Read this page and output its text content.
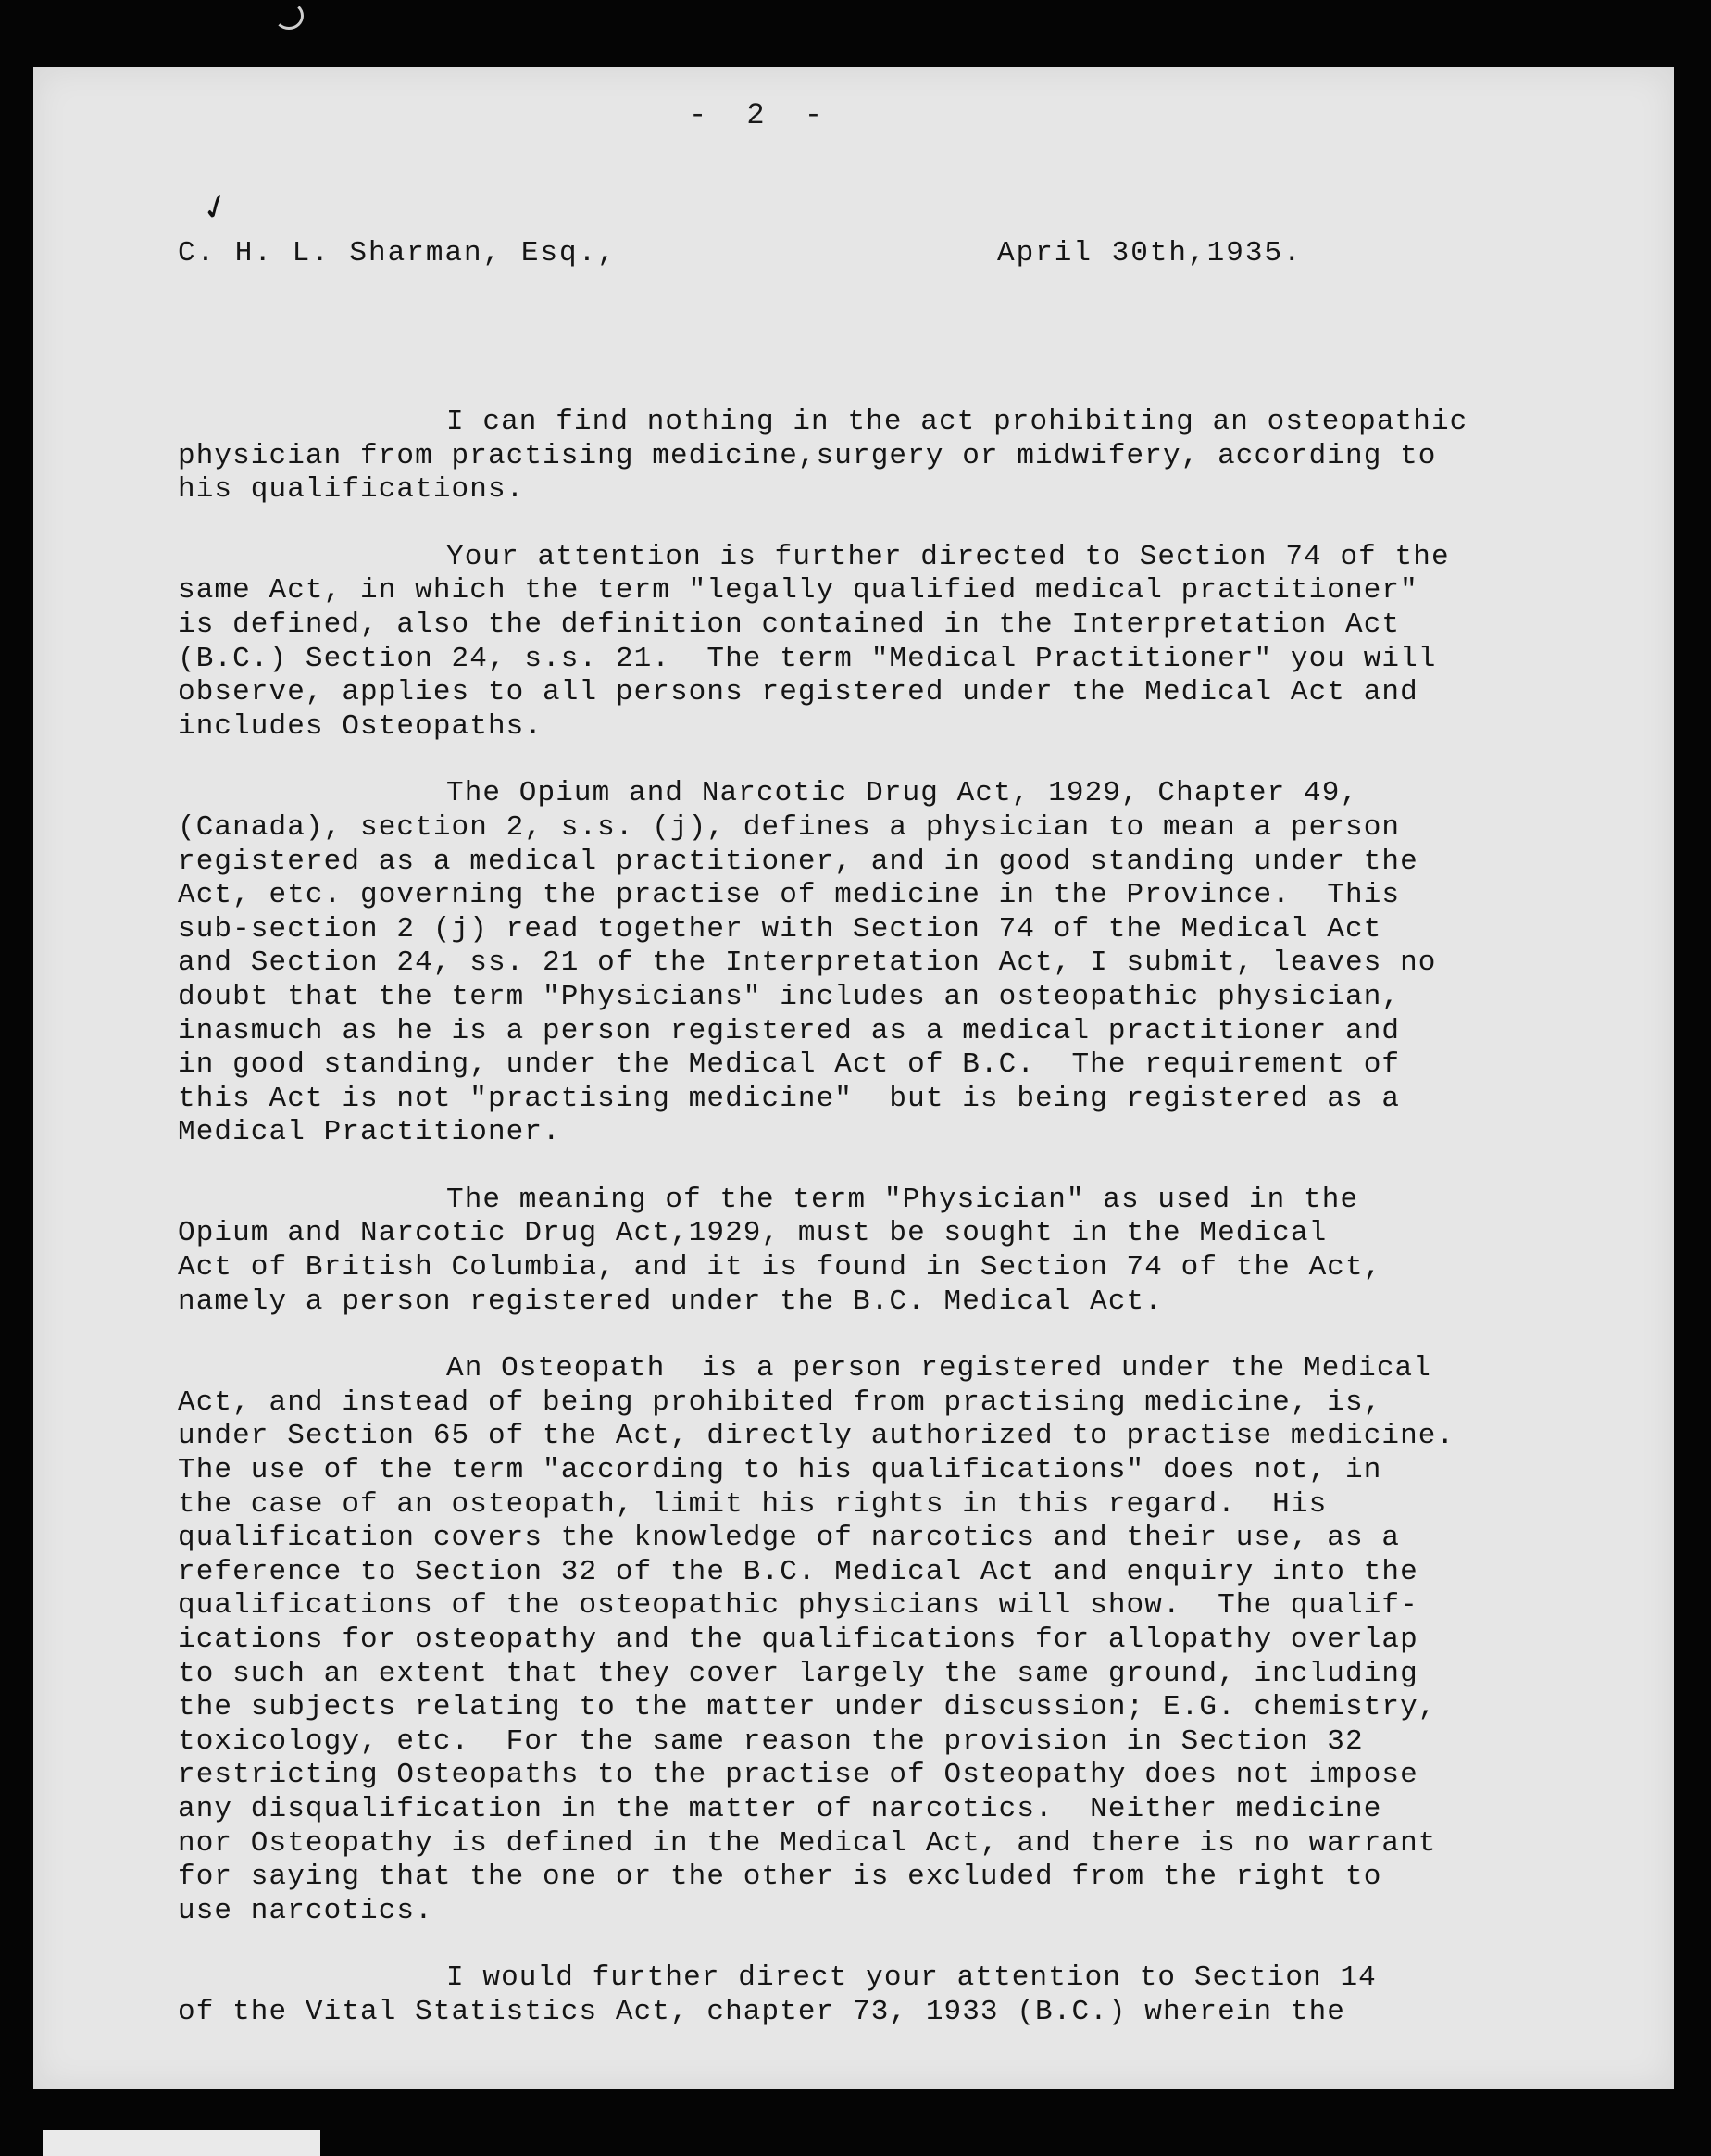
- 2 -
✓
C. H. L. Sharman, Esq.,	April 30th,1935.
I can find nothing in the act prohibiting an osteopathic
physician from practising medicine,surgery or midwifery, according to
his qualifications.
Your attention is further directed to Section 74 of the
same Act, in which the term "legally qualified medical practitioner"
is defined, also the definition contained in the Interpretation Act
(B.C.) Section 24, s.s. 21.  The term "Medical Practitioner" you will
observe, applies to all persons registered under the Medical Act and
includes Osteopaths.
The Opium and Narcotic Drug Act, 1929, Chapter 49,
(Canada), section 2, s.s. (j), defines a physician to mean a person
registered as a medical practitioner, and in good standing under the
Act, etc. governing the practise of medicine in the Province.  This
sub-section 2 (j) read together with Section 74 of the Medical Act
and Section 24, ss. 21 of the Interpretation Act, I submit, leaves no
doubt that the term "Physicians" includes an osteopathic physician,
inasmuch as he is a person registered as a medical practitioner and
in good standing, under the Medical Act of B.C.  The requirement of
this Act is not "practising medicine"  but is being registered as a
Medical Practitioner.
The meaning of the term "Physician" as used in the
Opium and Narcotic Drug Act,1929, must be sought in the Medical
Act of British Columbia, and it is found in Section 74 of the Act,
namely a person registered under the B.C. Medical Act.
An Osteopath  is a person registered under the Medical
Act, and instead of being prohibited from practising medicine, is,
under Section 65 of the Act, directly authorized to practise medicine.
The use of the term "according to his qualifications" does not, in
the case of an osteopath, limit his rights in this regard.  His
qualification covers the knowledge of narcotics and their use, as a
reference to Section 32 of the B.C. Medical Act and enquiry into the
qualifications of the osteopathic physicians will show.  The qualif-
ications for osteopathy and the qualifications for allopathy overlap
to such an extent that they cover largely the same ground, including
the subjects relating to the matter under discussion; E.G. chemistry,
toxicology, etc.  For the same reason the provision in Section 32
restricting Osteopaths to the practise of Osteopathy does not impose
any disqualification in the matter of narcotics.  Neither medicine
nor Osteopathy is defined in the Medical Act, and there is no warrant
for saying that the one or the other is excluded from the right to
use narcotics.
I would further direct your attention to Section 14
of the Vital Statistics Act, chapter 73, 1933 (B.C.) wherein the
